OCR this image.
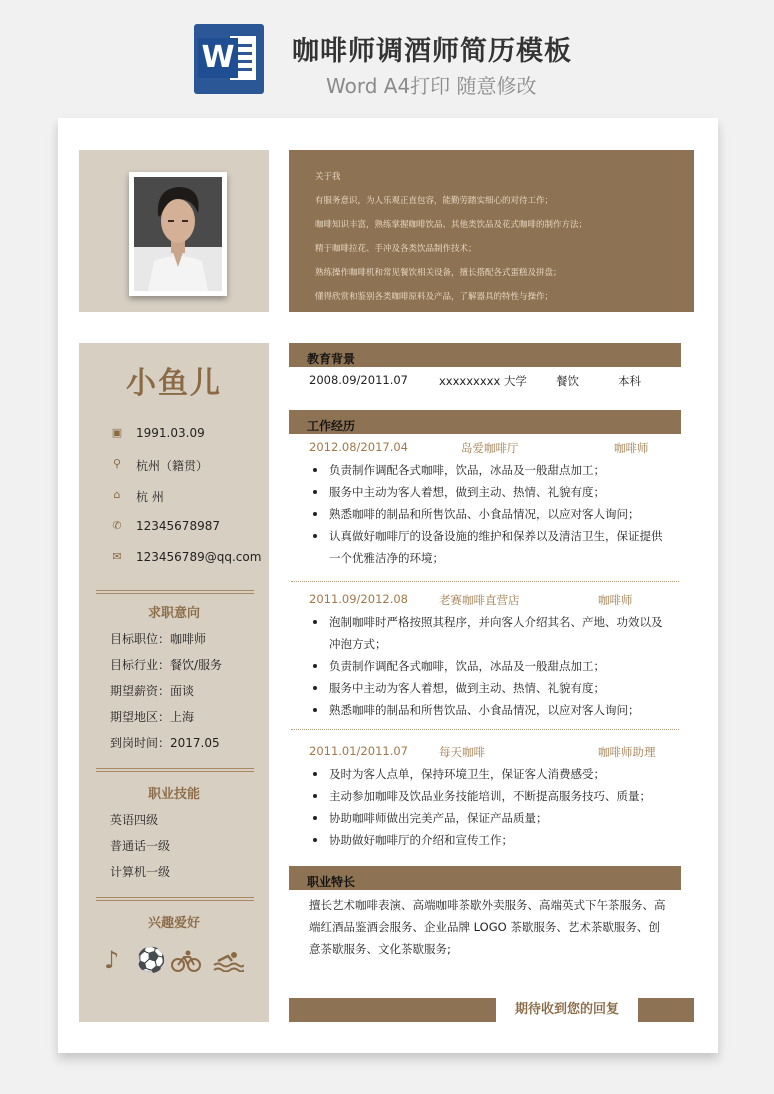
W 咖啡师调酒师简历模板
Word A4打印 随意修改
关于我
有服务意识，为人乐观正直包容，能勤劳踏实细心的对待工作；
咖啡知识丰富，熟练掌握咖啡饮品、其他类饮品及花式咖啡的制作方法；
精于咖啡拉花、手冲及各类饮品制作技术；
熟练操作咖啡机和常见餐饮相关设备，擅长搭配各式蛋糕及拼盘；
懂得欣赏和鉴别各类咖啡原料及产品，了解器具的特性与操作；
小鱼儿
▣ 1991.03.09
⚲	杭州（籍贯）
⌂	杭 州
✆ 12345678987
✉ 123456789@qq.com
求职意向
目标职位：咖啡师
目标行业：餐饮/服务
期望薪资：面谈
期望地区：上海
到岗时间：2017.05
职业技能
英语四级
普通话一级
计算机一级
兴趣爱好
♪ ⚽
教育背景
2008.09/2011.07	xxxxxxxxx 大学	餐饮	本科
工作经历
2012.08/2017.04	岛爱咖啡厅	咖啡师
负责制作调配各式咖啡，饮品，冰品及一般甜点加工；
服务中主动为客人着想，做到主动、热情、礼貌有度；
熟悉咖啡的制品和所售饮品、小食品情况，以应对客人询问；
认真做好咖啡厅的设备设施的维护和保养以及清洁卫生，保证提供
一个优雅洁净的环境；
2011.09/2012.08	老赛咖啡直营店	咖啡师
泡制咖啡时严格按照其程序，并向客人介绍其名、产地、功效以及
冲泡方式；
负责制作调配各式咖啡，饮品，冰品及一般甜点加工；
服务中主动为客人着想，做到主动、热情、礼貌有度；
熟悉咖啡的制品和所售饮品、小食品情况，以应对客人询问；
2011.01/2011.07	每天咖啡	咖啡师助理
及时为客人点单，保持环境卫生，保证客人消费感受；
主动参加咖啡及饮品业务技能培训，不断提高服务技巧、质量；
协助咖啡师做出完美产品，保证产品质量；
协助做好咖啡厅的介绍和宣传工作；
职业特长
擅长艺术咖啡表演、高端咖啡茶歇外卖服务、高端英式下午茶服务、高
端红酒品鉴酒会服务、企业品牌 LOGO 茶歇服务、艺术茶歇服务、创
意茶歇服务、文化茶歇服务;
期待收到您的回复
